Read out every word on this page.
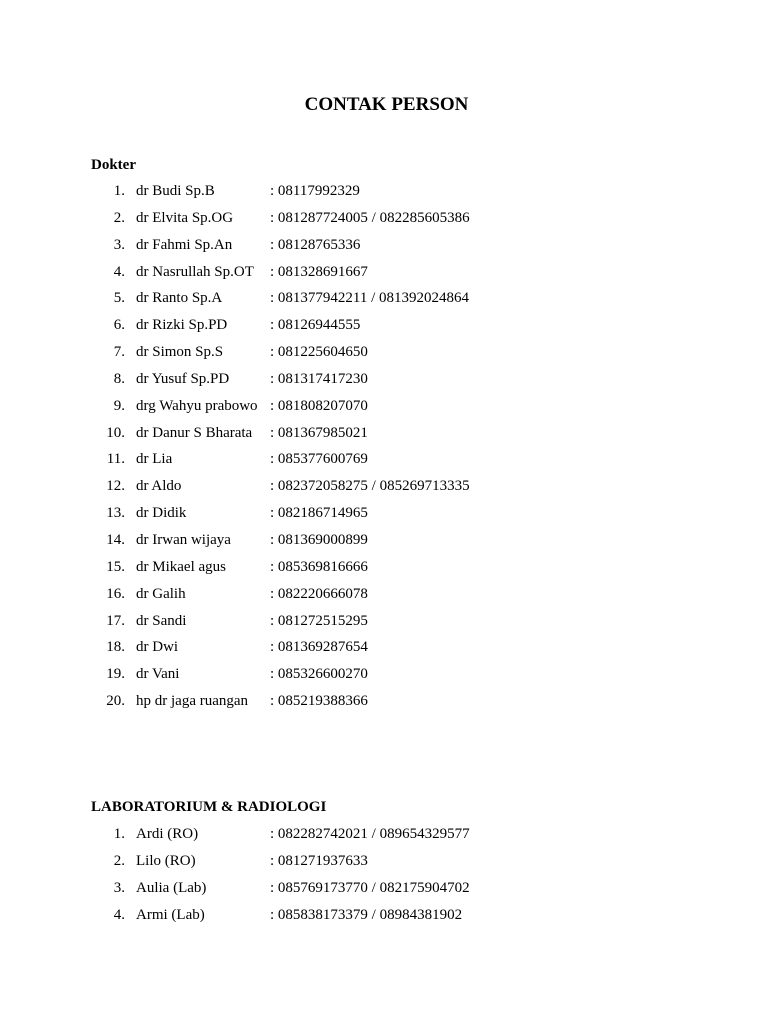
CONTAK PERSON
Dokter
1. dr Budi Sp.B	: 08117992329
2. dr Elvita Sp.OG : 081287724005 / 082285605386
3. dr Fahmi Sp.An	: 08128765336
4. dr Nasrullah Sp.OT : 081328691667
5. dr Ranto Sp.A	: 081377942211 / 081392024864
6. dr Rizki Sp.PD	: 08126944555
7. dr Simon Sp.S	: 081225604650
8. dr Yusuf Sp.PD	: 081317417230
9. drg Wahyu prabowo : 081808207070
10. dr Danur S Bharata : 081367985021
11. dr Lia	: 085377600769
12. dr Aldo	: 082372058275 / 085269713335
13. dr Didik	: 082186714965
14. dr Irwan wijaya	: 081369000899
15. dr Mikael agus	: 085369816666
16. dr Galih	: 082220666078
17. dr Sandi	: 081272515295
18. dr Dwi	: 081369287654
19. dr Vani	: 085326600270
20. hp dr jaga ruangan : 085219388366
LABORATORIUM & RADIOLOGI
1. Ardi (RO)	: 082282742021 / 089654329577
2. Lilo (RO)	: 081271937633
3. Aulia (Lab)	: 085769173770 / 082175904702
4. Armi (Lab)	: 085838173379 / 08984381902
